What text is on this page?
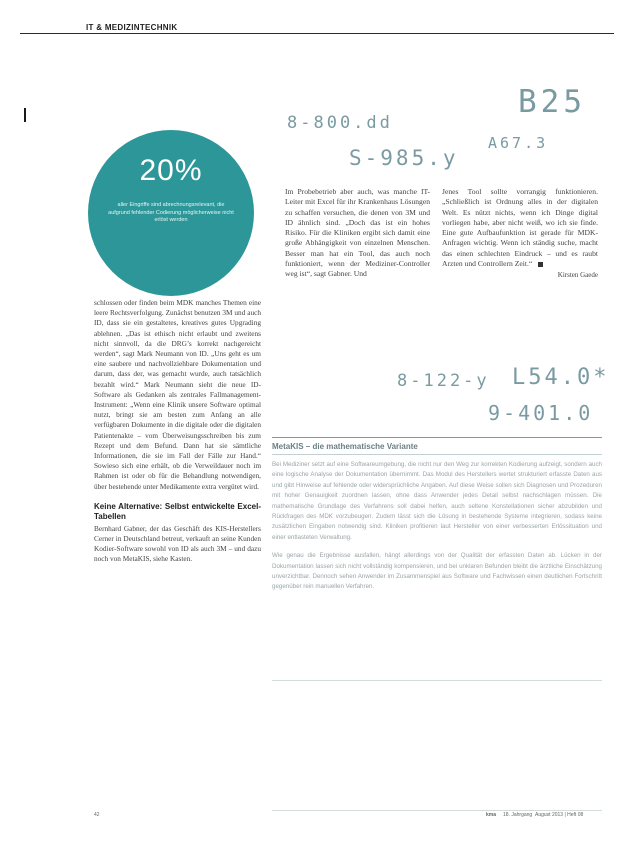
IT & MEDIZINTECHNIK
8-800.dd
B25
A67.3
S-985.y
8-122-y L54.0*
9-401.0
20%
aller Eingriffe sind abrechnungsrelevant, die aufgrund fehlender Codierung möglicherweise nicht erlöst werden

Im Probebetrieb aber auch, was manche IT-Leiter mit Excel für ihr Krankenhaus Lösungen zu schaffen versuchen, die denen von 3M und ID ähnlich sind. „Doch das ist ein hohes Risiko. Für die Kliniken ergibt sich damit eine große Abhängigkeit von einzelnen Menschen. Besser man hat ein Tool, das auch noch funktioniert, wenn der Mediziner-Controller weg ist“, sagt Gabner. Und

Jenes Tool sollte vorrangig funktionieren. „Schließlich ist Ordnung alles in der digitalen Welt. Es nützt nichts, wenn ich Dinge digital vorliegen habe, aber nicht weiß, wo ich sie finde. Eine gute Aufbaufunktion ist gerade für MDK-Anfragen wichtig. Wenn ich ständig suche, macht das einen schlechten Eindruck – und es raubt Arzten und Controllern Zeit.“

Kirsten Gaede

schlossen oder finden beim MDK manches Themen eine leere Rechtsverfolgung. Zunächst benutzen 3M und auch ID, dass sie ein gestaltetes, kreatives gutes Upgrading ablehnen. „Das ist ethisch nicht erlaubt und zweitens nicht sinnvoll, da die DRG’s korrekt nachgereicht werden“, sagt Mark Neumann von ID. „Uns geht es um eine saubere und nachvollziehbare Dokumentation und darum, dass der, was gemacht wurde, auch tatsächlich bezahlt wird.“ Mark Neumann sieht die neue ID-Software als Gedanken als zentrales Fallmanagement-Instrument: „Wenn eine Klinik unsere Software optimal nutzt, bringt sie am besten zum Anfang an alle verfügbaren Dokumente in die digitale oder die digitalen Patientenakte – vom Überweisungsschreiben bis zum Rezept und dem Befund. Dann hat sie sämtliche Informationen, die sie im Fall der Fälle zur Hand.“ Sowieso sich eine erhält, ob die Verweildauer noch im Rahmen ist oder ob für die Behandlung notwendigen, über bestehende unter Medikamente extra vergütet wird.

Keine Alternative: Selbst entwickelte Excel-Tabellen

Bernhard Gabner, der das Geschäft des KIS-Herstellers Cerner in Deutschland betreut, verkauft an seine Kunden Kodier-Software sowohl von ID als auch 3M – und dazu noch von MetaKIS, siehe Kasten.

MetaKIS – die mathematische Variante

Bei Mediziner setzt auf eine Softwareumgebung, die nicht nur den Weg zur korrekten Kodierung aufzeigt, sondern auch eine logische Analyse der Dokumentation übernimmt. Das Modul des Herstellers wertet strukturiert erfasste Daten aus und gibt Hinweise auf fehlende oder widersprüchliche Angaben. Auf diese Weise sollen sich Diagnosen und Prozeduren mit hoher Genauigkeit zuordnen lassen, ohne dass Anwender jedes Detail selbst nachschlagen müssen. Die mathematische Grundlage des Verfahrens soll dabei helfen, auch seltene Konstellationen sicher abzubilden und Rückfragen des MDK vorzubeugen. Zudem lässt sich die Lösung in bestehende Systeme integrieren, sodass keine zusätzlichen Eingaben notwendig sind. Kliniken profitieren laut Hersteller von einer verbesserten Erlössituation und einer entlasteten Verwaltung.

Wie genau die Ergebnisse ausfallen, hängt allerdings von der Qualität der erfassten Daten ab. Lücken in der Dokumentation lassen sich nicht vollständig kompensieren, und bei unklaren Befunden bleibt die ärztliche Einschätzung unverzichtbar. Dennoch sehen Anwender im Zusammenspiel aus Software und Fachwissen einen deutlichen Fortschritt gegenüber rein manuellen Verfahren.

42	kma 18. Jahrgang August 2013 | Heft 08
